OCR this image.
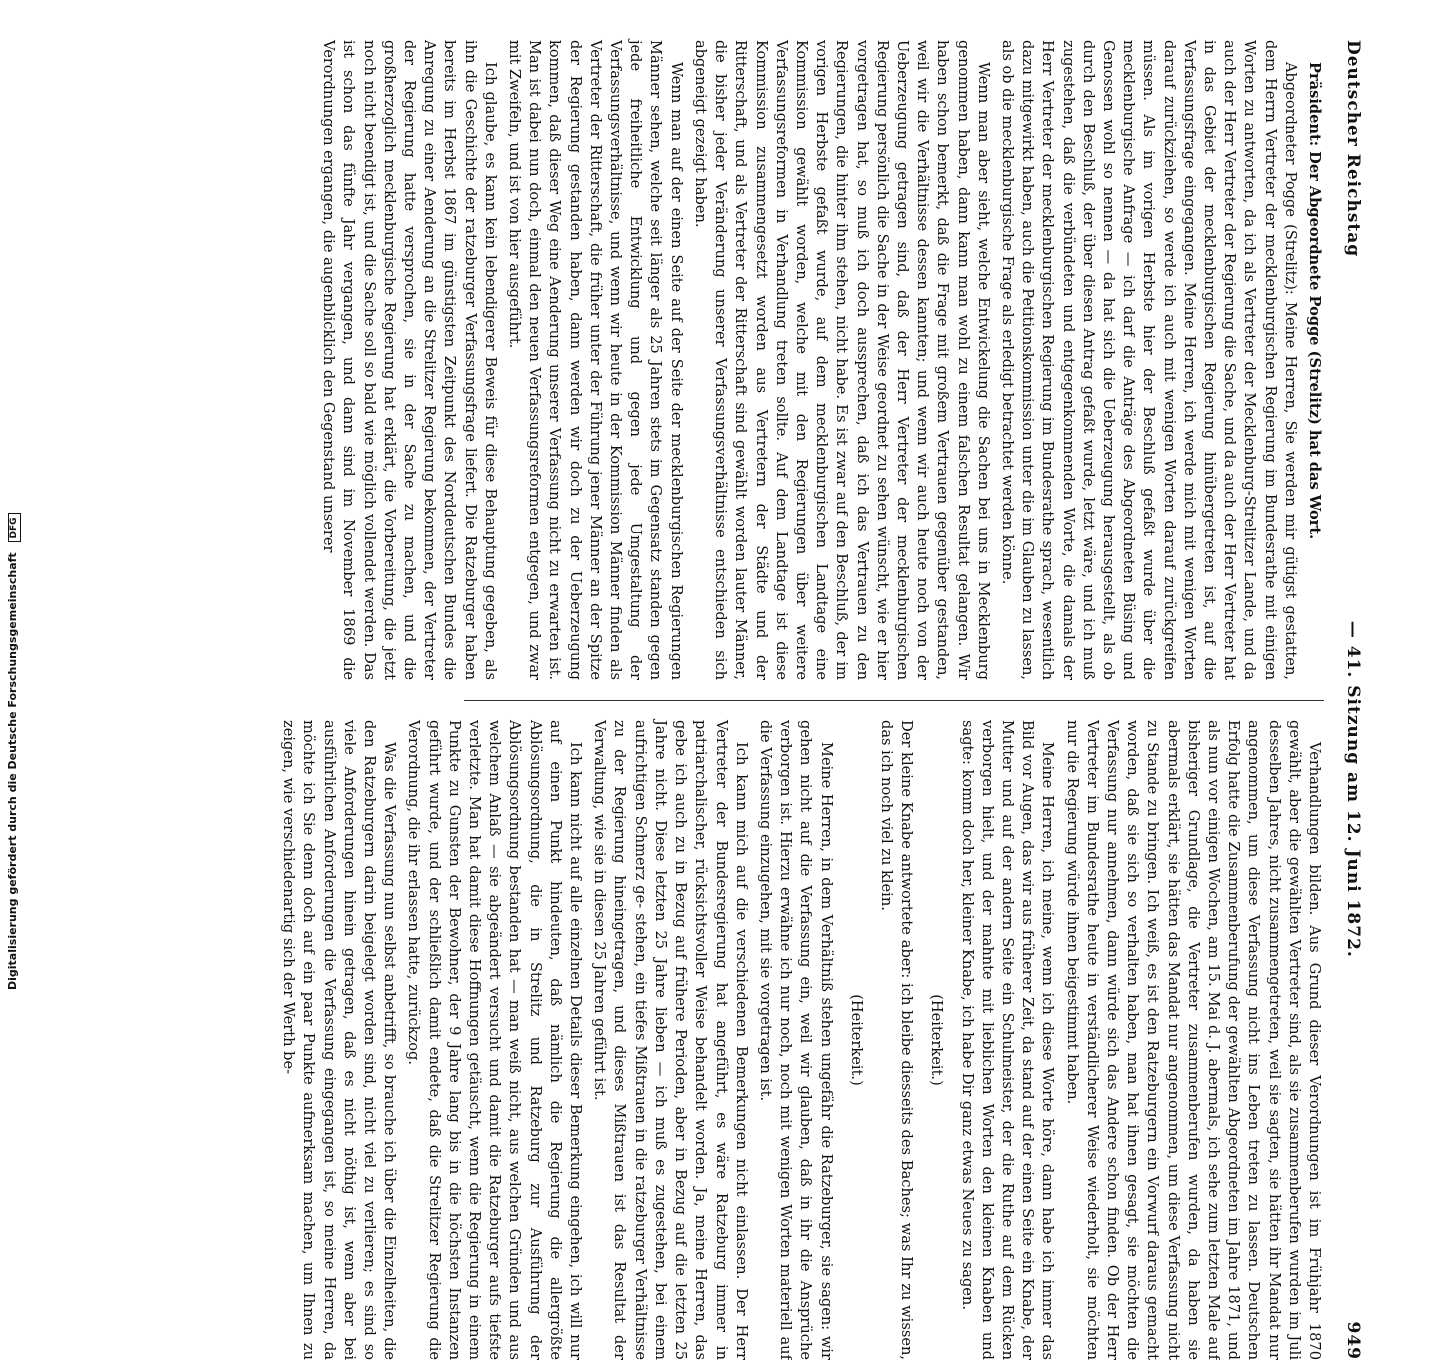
Deutscher Reichstag
— 41. Sitzung am 12. Juni 1872.
949

Präsident: Der Abgeordnete Pogge (Strelitz) hat das Wort.

Abgeordneter Pogge (Strelitz): Meine Herren, Sie werden mir gütigst gestatten, dem Herrn Vertreter der mecklenburgischen Regierung im Bundesrathe mit einigen Worten zu antworten, da ich als Vertreter der Mecklenburg-Strelitzer Lande, und da auch der Herr Vertreter der Regierung die Sache, und da auch der Herr Vertreter hat in das Gebiet der mecklenburgischen Regierung hinübergetreten ist, auf die Verfassungsfrage eingegangen. Meine Herren, ich werde mich mit wenigen Worten darauf zurückziehen, so werde ich auch mit wenigen Worten darauf zurückgreifen müssen. Als im vorigen Herbste hier der Beschluß gefaßt wurde über die mecklenburgische Anfrage — ich darf die Anträge des Abgeordneten Büsing und Genossen wohl so nennen — da hat sich die Ueberzeugung herausgestellt, als ob durch den Beschluß, der über diesen Antrag gefaßt wurde, letzt wäre, und ich muß zugestehen, daß die verbündeten und entgegenkommenden Worte, die damals der Herr Vertreter der mecklenburgischen Regierung im Bundesrathe sprach, wesentlich dazu mitgewirkt haben, auch die Petitionskommission unter die im Glauben zu lassen, als ob die mecklenburgische Frage als erledigt betrachtet werden könne.

Wenn man aber sieht, welche Entwickelung die Sachen bei uns in Mecklenburg genommen haben, dann kann man wohl zu einem falschen Resultat gelangen. Wir haben schon bemerkt, daß die Frage mit großem Vertrauen gegenüber gestanden, weil wir die Verhältnisse dessen kannten; und wenn wir auch heute noch von der Ueberzeugung getragen sind, daß der Herr Vertreter der mecklenburgischen Regierung persönlich die Sache in der Weise geordnet zu sehen wünscht, wie er hier vorgetragen hat, so muß ich doch aussprechen, daß ich das Vertrauen zu den Regierungen, die hinter ihm stehen, nicht habe. Es ist zwar auf den Beschluß, der im vorigen Herbste gefaßt wurde, auf dem mecklenburgischen Landtage eine Kommission gewählt worden, welche mit den Regierungen über weitere Verfassungsreformen in Verhandlung treten sollte. Auf dem Landtage ist diese Kommission zusammengesetzt worden aus Vertretern der Städte und der Ritterschaft, und als Vertreter der Ritterschaft sind gewählt worden lauter Männer, die bisher jeder Veränderung unserer Verfassungsverhältnisse entschieden sich abgeneigt gezeigt haben.

Wenn man auf der einen Seite auf der Seite der mecklenburgischen Regierungen Männer sehen, welche seit länger als 25 Jahren stets im Gegensatz standen gegen jede freiheitliche Entwicklung und gegen jede Umgestaltung der Verfassungsverhältnisse, und wenn wir heute in der Kommission Männer finden als Vertreter der Ritterschaft, die früher unter der Führung jener Männer an der Spitze der Regierung gestanden haben, dann werden wir doch zu der Ueberzeugung kommen, daß dieser Weg eine Aenderung unserer Verfassung nicht zu erwarten ist. Man ist dabei nun doch, einmal den neuen Verfassungsreformen entgegen, und zwar mit Zweifeln, und ist von hier ausgeführt.

Ich glaube, es kann kein lebendigerer Beweis für diese Behauptung gegeben, als ihn die Geschichte der ratzeburger Verfassungsfrage liefert. Die Ratzeburger haben bereits im Herbst 1867 im günstigsten Zeitpunkt des Norddeutschen Bundes die Anregung zu einer Aenderung an die Strelitzer Regierung bekommen, der Vertreter der Regierung hatte versprochen, sie in der Sache zu machen, und die großherzoglich mecklenburgische Regierung hat erklärt, die Vorbereitung, die jetzt noch nicht beendigt ist, und die Sache soll so bald wie möglich vollendet werden. Das ist schon das fünfte Jahr vergangen, und dann sind im November 1869 die Verordnungen ergangen, die augenblicklich den Gegenstand unserer

Verhandlungen bilden. Aus Grund dieser Verordnungen ist im Frühjahr 1870 gewählt, aber die gewählten Vertreter sind, als sie zusammenberufen wurden im Juli desselben Jahres, nicht zusammengetreten, weil sie sagten, sie hätten ihr Mandat nur angenommen, um diese Verfassung nicht ins Leben treten zu lassen. Deutschen Erfolg hatte die Zusammenberufung der gewählten Abgeordneten im Jahre 1871, und als nun vor einigen Wochen, am 15. Mai d. J. abermals, ich sehe zum letzten Male auf bisheriger Grundlage, die Vertreter zusammenberufen wurden, da haben sie abermals erklärt, sie hätten das Mandat nur angenommen, um diese Verfassung nicht zu Stande zu bringen. Ich weiß, es ist den Ratzeburgern ein Vorwurf daraus gemacht worden, daß sie sich so verhalten haben, man hat ihnen gesagt, sie möchten die Verfassung nur annehmen, dann würde sich das Andere schon finden. Ob der Herr Vertreter im Bundesrathe heute in verständlicherer Weise wiederholt, sie möchten nur die Regierung würde ihnen beigestimmt haben.

Meine Herren, ich meine, wenn ich diese Worte höre, dann habe ich immer das Bild vor Augen, das wir aus früherer Zeit, da stand auf der einen Seite ein Knabe, der Mutter und auf der andern Seite ein Schulmeister, der die Ruthe auf dem Rücken verborgen hielt, und der mahnte mit lieblichen Worten den kleinen Knaben und sagte: komm doch her, kleiner Knabe, ich habe Dir ganz etwas Neues zu sagen.

(Heiterkeit.)

Der kleine Knabe antwortete aber: ich bleibe diesseits des Baches; was Ihr zu wissen, das ich noch viel zu klein.

(Heiterkeit.)

Meine Herren, in dem Verhältniß stehen ungefähr die Ratzeburger, sie sagen: wir gehen nicht auf die Verfassung ein, weil wir glauben, daß in ihr die Ansprüche verborgen ist. Hierzu erwähne ich nur noch, noch mit wenigen Worten materiell auf die Verfassung einzugehen, mit sie vorgetragen ist.

Ich kann mich auf die verschiedenen Bemerkungen nicht einlassen. Der Herr Vertreter der Bundesregierung hat angeführt, es wäre Ratzeburg immer in patriarchalischer, rücksichtsvoller Weise behandelt worden. Ja, meine Herren, das gebe ich auch zu in Bezug auf frühere Perioden, aber in Bezug auf die letzten 25 Jahre nicht. Diese letzten 25 Jahre lieben — ich muß es zugestehen, bei einem aufrichtigen Schmerz ge- stehen, ein tiefes Mißtrauen in die ratzeburger Verhältnisse zu der Regierung hineingetragen, und dieses Mißtrauen ist das Resultat der Verwaltung, wie sie in diesen 25 Jahren geführt ist.

Ich kann nicht auf alle einzelnen Details dieser Bemerkung eingehen, ich will nur auf einen Punkt hindeuten, daß nämlich die Regierung die allergrößte Ablösungsordnung, die in Strelitz und Ratzeburg zur Ausführung der Ablösungsordnung bestanden hat — man weiß nicht, aus welchen Gründen und aus welchem Anlaß — sie abgeändert versucht und damit die Ratzeburger aufs tiefste verletzte. Man hat damit diese Hoffnungen getäuscht, wenn die Regierung in einem Punkte zu Gunsten der Bewohner, der 9 Jahre lang bis in die höchsten Instanzen geführt wurde, und der schließlich damit endete, daß die Strelitzer Regierung die Verordnung, die ihr erlassen hatte, zurückzog.

Was die Verfassung nun selbst anbetrifft, so brauche ich über die Einzelheiten, die den Ratzeburgern darin beigelegt worden sind, nicht viel zu verlieren; es sind so viele Anforderungen hinein getragen, daß es nicht nöthig ist, wenn aber bei ausführlichen Anforderungen die Verfassung eingegangen ist, so meine Herren, da möchte ich Sie denn doch auf ein paar Punkte aufmerksam machen, um Ihnen zu zeigen, wie verschiedenartig sich der Werth be-

Digitalisierung gefördert durch die Deutsche Forschungsgemeinschaft DFG
